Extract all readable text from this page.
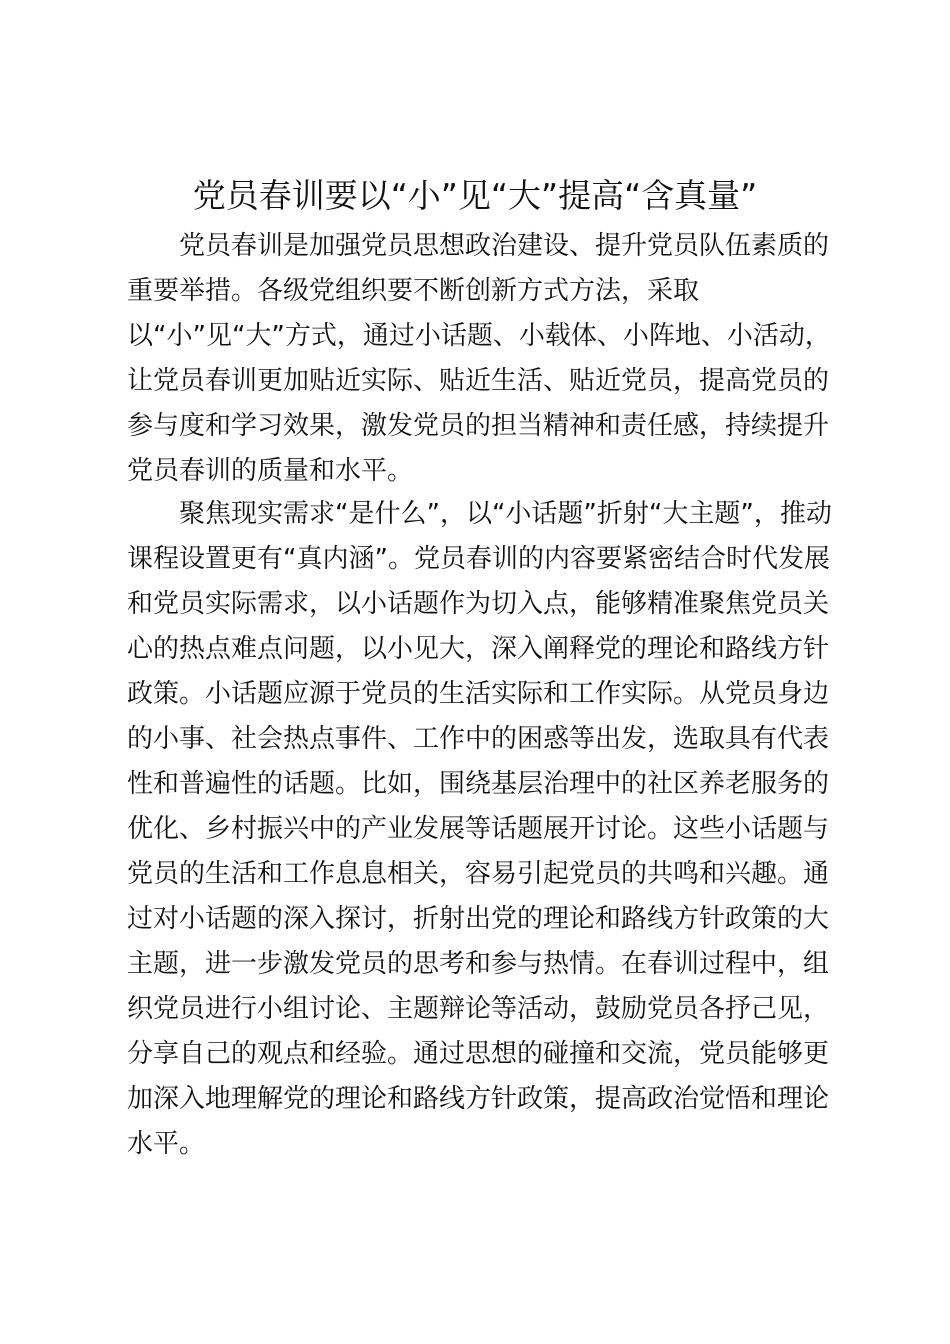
党员春训要以“小”见“大”提高“含真量”
党员春训是加强党员思想政治建设、提升党员队伍素质的
重要举措。各级党组织要不断创新方式方法，采取
以“小”见“大”方式，通过小话题、小载体、小阵地、小活动，
让党员春训更加贴近实际、贴近生活、贴近党员，提高党员的
参与度和学习效果，激发党员的担当精神和责任感，持续提升
党员春训的质量和水平。
聚焦现实需求“是什么”，以“小话题”折射“大主题”，推动
课程设置更有“真内涵”。党员春训的内容要紧密结合时代发展
和党员实际需求，以小话题作为切入点，能够精准聚焦党员关
心的热点难点问题，以小见大，深入阐释党的理论和路线方针
政策。小话题应源于党员的生活实际和工作实际。从党员身边
的小事、社会热点事件、工作中的困惑等出发，选取具有代表
性和普遍性的话题。比如，围绕基层治理中的社区养老服务的
优化、乡村振兴中的产业发展等话题展开讨论。这些小话题与
党员的生活和工作息息相关，容易引起党员的共鸣和兴趣。通
过对小话题的深入探讨，折射出党的理论和路线方针政策的大
主题，进一步激发党员的思考和参与热情。在春训过程中，组
织党员进行小组讨论、主题辩论等活动，鼓励党员各抒己见，
分享自己的观点和经验。通过思想的碰撞和交流，党员能够更
加深入地理解党的理论和路线方针政策，提高政治觉悟和理论
水平。
